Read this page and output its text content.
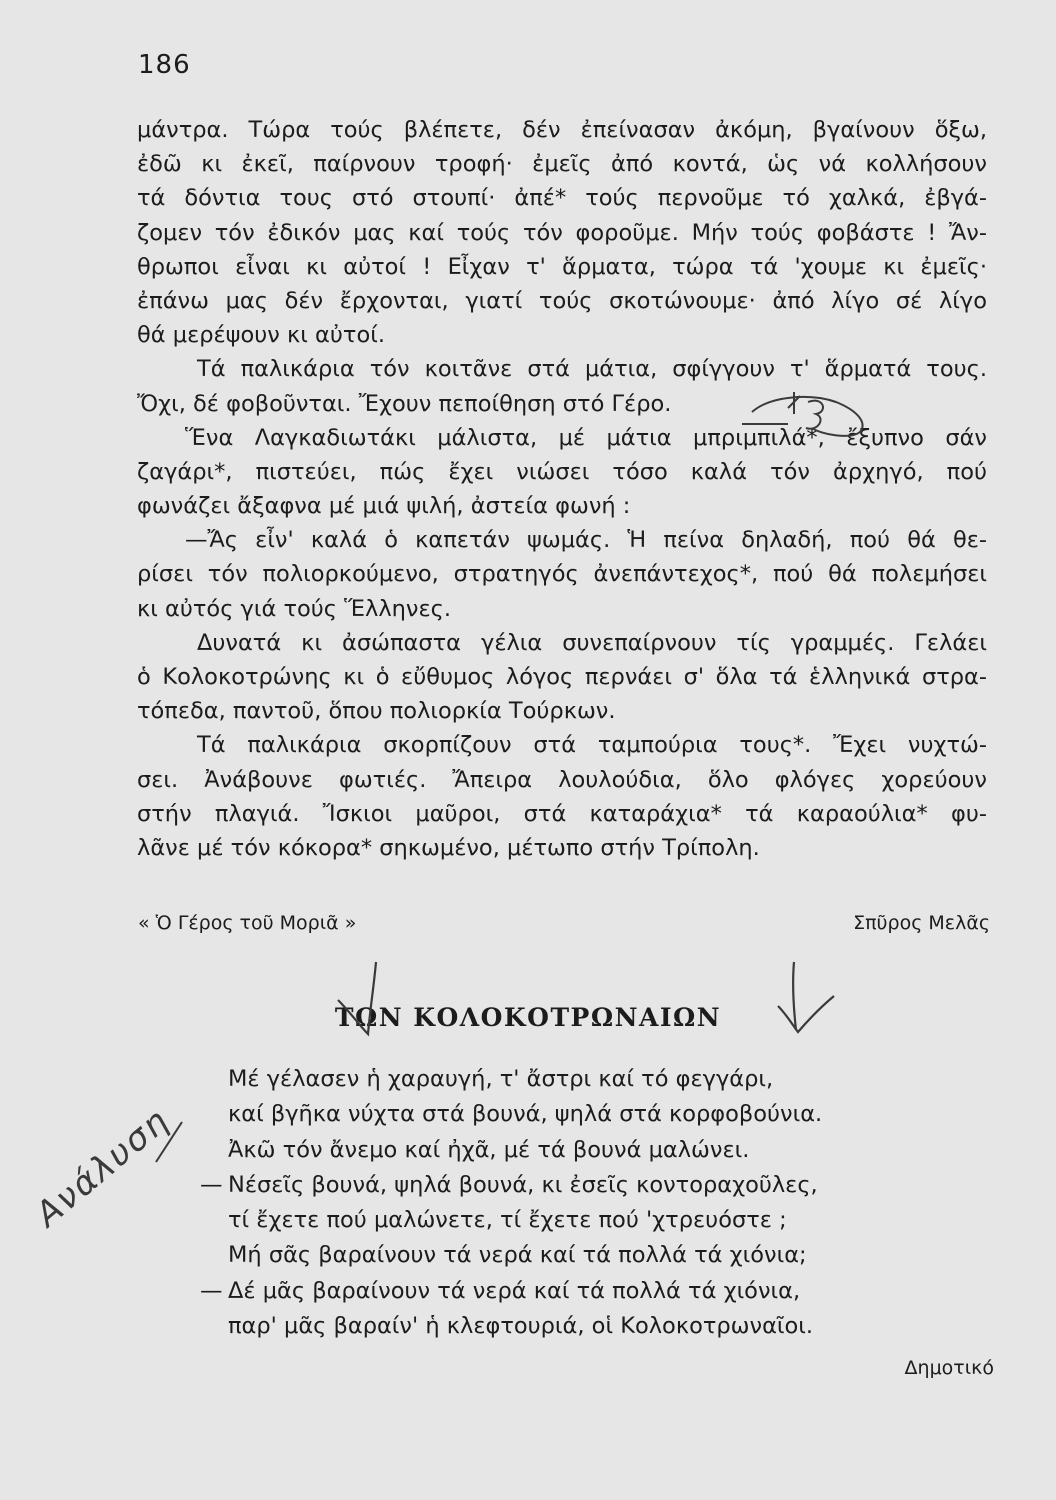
186
μάντρα. Τώρα τούς βλέπετε, δέν ἐπείνασαν ἀκόμη, βγαίνουν ὅξω,
ἐδῶ κι ἐκεῖ, παίρνουν τροφή· ἐμεῖς ἀπό κοντά, ὡς νά κολλήσουν
τά δόντια τους στό στουπί· ἀπέ* τούς περνοῦμε τό χαλκά, ἐβγά-
ζομεν τόν ἐδικόν μας καί τούς τόν φοροῦμε. Μήν τούς φοβάστε ! Ἄν-
θρωποι εἶναι κι αὐτοί ! Εἶχαν τ' ἅρματα, τώρα τά 'χουμε κι ἐμεῖς·
ἐπάνω μας δέν ἔρχονται, γιατί τούς σκοτώνουμε· ἀπό λίγο σέ λίγο
θά μερέψουν κι αὐτοί.
Τά παλικάρια τόν κοιτᾶνε στά μάτια, σφίγγουν τ' ἅρματά τους.
Ὄχι, δέ φοβοῦνται. Ἔχουν πεποίθηση στό Γέρο.
Ἕνα Λαγκαδιωτάκι μάλιστα, μέ μάτια μπριμπιλά*, ἔξυπνο σάν
ζαγάρι*, πιστεύει, πώς ἔχει νιώσει τόσο καλά τόν ἀρχηγό, πού
φωνάζει ἄξαφνα μέ μιά ψιλή, ἀστεία φωνή :
—Ἄς εἶν' καλά ὁ καπετάν ψωμάς. Ἡ πείνα δηλαδή, πού θά θε-
ρίσει τόν πολιορκούμενο, στρατηγός ἀνεπάντεχος*, πού θά πολεμήσει
κι αὐτός γιά τούς Ἕλληνες.
Δυνατά κι ἀσώπαστα γέλια συνεπαίρνουν τίς γραμμές. Γελάει
ὁ Κολοκοτρώνης κι ὁ εὔθυμος λόγος περνάει σ' ὅλα τά ἑλληνικά στρα-
τόπεδα, παντοῦ, ὅπου πολιορκία Τούρκων.
Τά παλικάρια σκορπίζουν στά ταμπούρια τους*. Ἔχει νυχτώ-
σει. Ἀνάβουνε φωτιές. Ἄπειρα λουλούδια, ὅλο φλόγες χορεύουν
στήν πλαγιά. Ἴσκιοι μαῦροι, στά καταράχια* τά καραούλια* φυ-
λᾶνε μέ τόν κόκορα* σηκωμένο, μέτωπο στήν Τρίπολη.
« Ὁ Γέρος τοῦ Μοριᾶ »	Σπῦρος Μελᾶς
ΤΩΝ ΚΟΛΟΚΟΤΡΩΝΑΙΩΝ
Μέ γέλασεν ἡ χαραυγή, τ' ἄστρι καί τό φεγγάρι,
καί βγῆκα νύχτα στά βουνά, ψηλά στά κορφοβούνια.
Ἀκῶ τόν ἄνεμο καί ἠχᾶ, μέ τά βουνά μαλώνει.
— Νέσεῖς βουνά, ψηλά βουνά, κι ἐσεῖς κοντοραχοῦλες,
τί ἔχετε πού μαλώνετε, τί ἔχετε πού 'χτρευόστε ;
Μή σᾶς βαραίνουν τά νερά καί τά πολλά τά χιόνια;
— Δέ μᾶς βαραίνουν τά νερά καί τά πολλά τά χιόνια,
παρ' μᾶς βαραίν' ἡ κλεφτουριά, οἱ Κολοκοτρωναῖοι.
Δημοτικό
Ανάλυση
